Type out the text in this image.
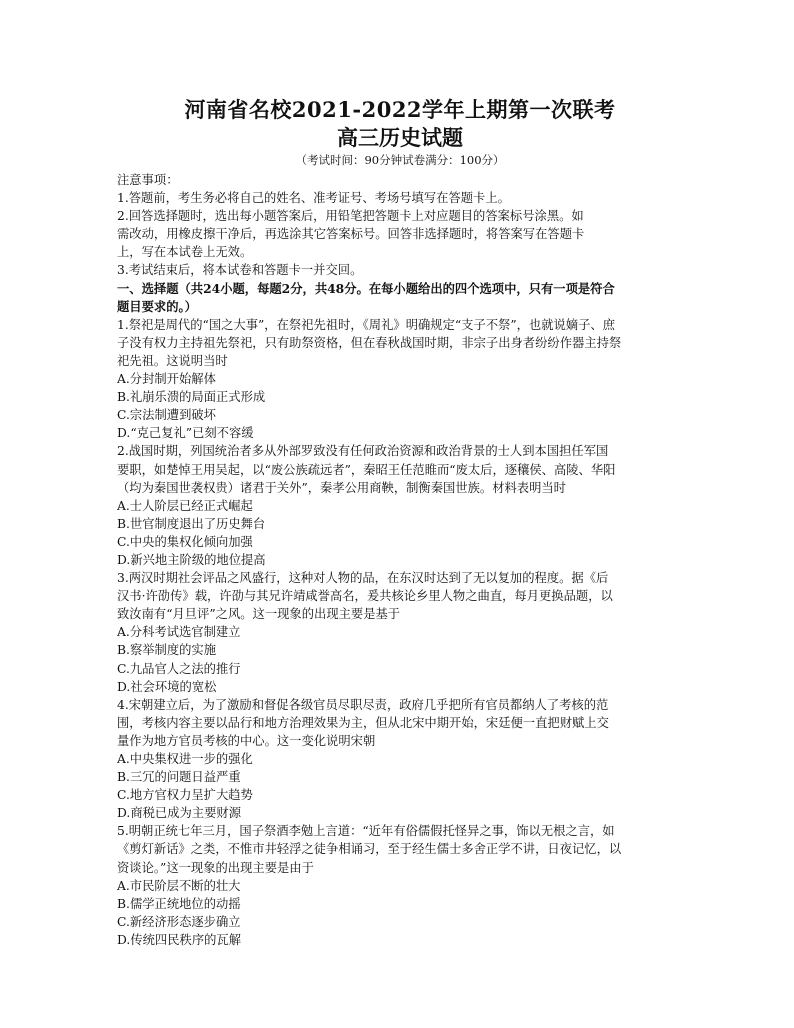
河南省名校2021-2022学年上期第一次联考
高三历史试题
（考试时间：90分钟试卷满分：100分）
注意事项：
1.答题前，考生务必将自己的姓名、准考证号、考场号填写在答题卡上。
2.回答选择题时，选出每小题答案后，用铅笔把答题卡上对应题目的答案标号涂黑。如
需改动，用橡皮擦干净后，再选涂其它答案标号。回答非选择题时，将答案写在答题卡
上，写在本试卷上无效。
3.考试结束后，将本试卷和答题卡一并交回。
一、选择题（共24小题，每题2分，共48分。在每小题给出的四个选项中，只有一项是符合
题目要求的。）
1.祭祀是周代的“国之大事”，在祭祀先祖时，《周礼》明确规定“支子不祭”，也就说嫡子、庶
子没有权力主持祖先祭祀，只有助祭资格，但在春秋战国时期，非宗子出身者纷纷作器主持祭
祀先祖。这说明当时
A.分封制开始解体
B.礼崩乐溃的局面正式形成
C.宗法制遭到破坏
D.“克己复礼”已刻不容缓
2.战国时期，列国统治者多从外部罗致没有任何政治资源和政治背景的士人到本国担任军国
要职，如楚悼王用吴起，以“废公族疏远者”，秦昭王任范睢而“废太后，逐穰侯、高陵、华阳
（均为秦国世袭权贵）诸君于关外”，秦孝公用商鞅，制衡秦国世族。材料表明当时
A.士人阶层已经正式崛起
B.世官制度退出了历史舞台
C.中央的集权化倾向加强
D.新兴地主阶级的地位提高
3.两汉时期社会评品之风盛行，这种对人物的品，在东汉时达到了无以复加的程度。据《后
汉书·许劭传》载，许劭与其兄许靖咸誉高名，爰共核论乡里人物之曲直，每月更换品题，以
致汝南有“月旦评”之风。这一现象的出现主要是基于
A.分科考试选官制建立
B.察举制度的实施
C.九品官人之法的推行
D.社会环境的宽松
4.宋朝建立后，为了激励和督促各级官员尽职尽责，政府几乎把所有官员都纳人了考核的范
围，考核内容主要以品行和地方治理效果为主，但从北宋中期开始，宋廷便一直把财赋上交
量作为地方官员考核的中心。这一变化说明宋朝
A.中央集权进一步的强化
B.三冗的问题日益严重
C.地方官权力呈扩大趋势
D.商税已成为主要财源
5.明朝正统七年三月，国子祭酒李勉上言道：“近年有俗儒假托怪异之事，饰以无根之言，如
《剪灯新话》之类，不惟市井轻浮之徒争相诵习，至于经生儒士多舍正学不讲，日夜记忆，以
资谈论。”这一现象的出现主要是由于
A.市民阶层不断的壮大
B.儒学正统地位的动摇
C.新经济形态逐步确立
D.传统四民秩序的瓦解
